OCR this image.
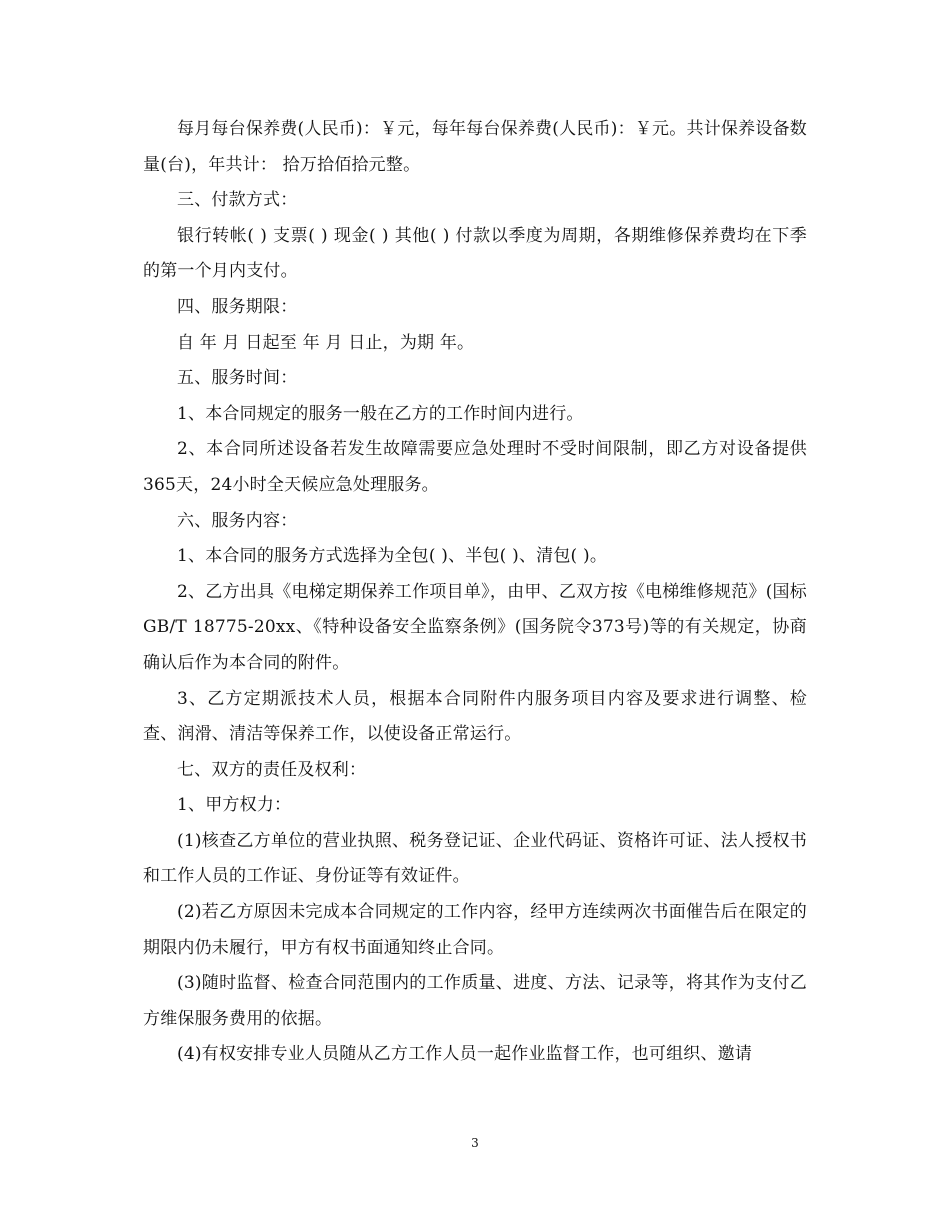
每月每台保养费(人民币)：￥元，每年每台保养费(人民币)：￥元。共计保养设备数量(台)，年共计： 拾万拾佰拾元整。

三、付款方式：

银行转帐( ) 支票( ) 现金( ) 其他( ) 付款以季度为周期，各期维修保养费均在下季的第一个月内支付。

四、服务期限：

自 年 月 日起至 年 月 日止，为期 年。

五、服务时间：

1、本合同规定的服务一般在乙方的工作时间内进行。

2、本合同所述设备若发生故障需要应急处理时不受时间限制，即乙方对设备提供365天，24小时全天候应急处理服务。

六、服务内容：

1、本合同的服务方式选择为全包( )、半包( )、清包( )。

2、乙方出具《电梯定期保养工作项目单》，由甲、乙双方按《电梯维修规范》(国标GB/T 18775-20xx、《特种设备安全监察条例》(国务院令373号)等的有关规定，协商确认后作为本合同的附件。

3、乙方定期派技术人员，根据本合同附件内服务项目内容及要求进行调整、检查、润滑、清洁等保养工作，以使设备正常运行。

七、双方的责任及权利：

1、甲方权力：

(1)核查乙方单位的营业执照、税务登记证、企业代码证、资格许可证、法人授权书和工作人员的工作证、身份证等有效证件。

(2)若乙方原因未完成本合同规定的工作内容，经甲方连续两次书面催告后在限定的期限内仍未履行，甲方有权书面通知终止合同。

(3)随时监督、检查合同范围内的工作质量、进度、方法、记录等，将其作为支付乙方维保服务费用的依据。

(4)有权安排专业人员随从乙方工作人员一起作业监督工作，也可组织、邀请

3
